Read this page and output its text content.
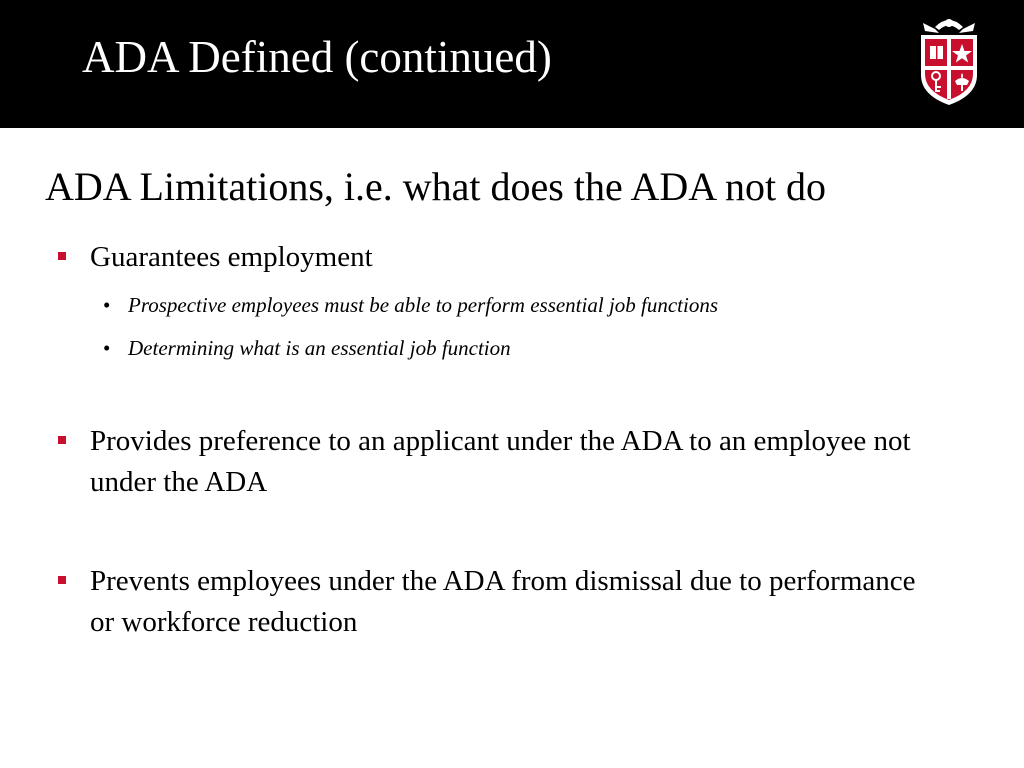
ADA Defined (continued)
ADA Limitations, i.e. what does the ADA not do
Guarantees employment
• Prospective employees must be able to perform essential job functions
• Determining what is an essential job function
Provides preference to an applicant under the ADA to an employee not under the ADA
Prevents employees under the ADA from dismissal due to performance or workforce reduction
